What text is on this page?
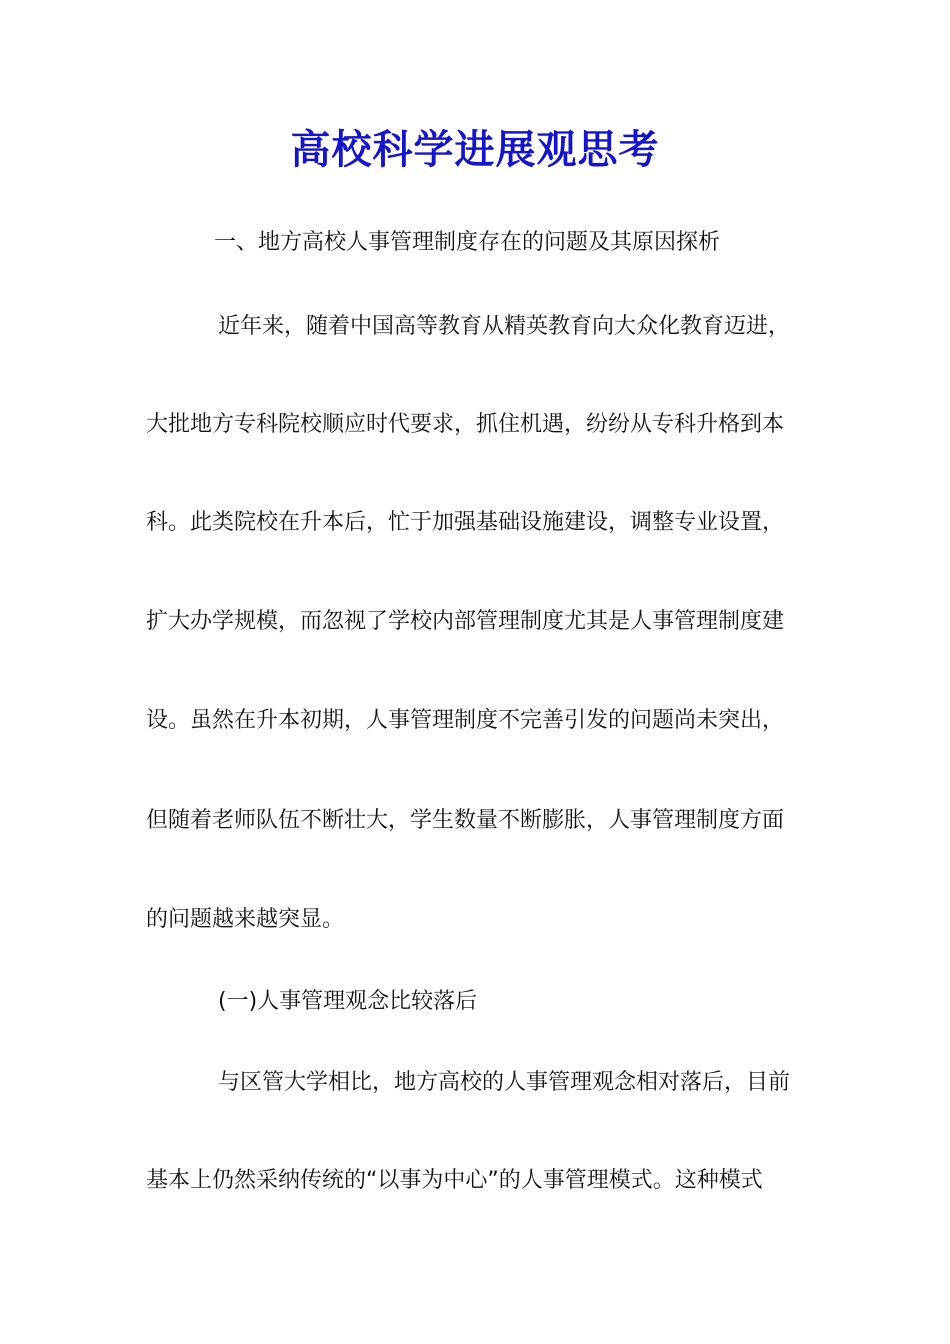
高校科学进展观思考
一、地方高校人事管理制度存在的问题及其原因探析
近年来，随着中国高等教育从精英教育向大众化教育迈进，
大批地方专科院校顺应时代要求，抓住机遇，纷纷从专科升格到本
科。此类院校在升本后，忙于加强基础设施建设，调整专业设置，
扩大办学规模，而忽视了学校内部管理制度尤其是人事管理制度建
设。虽然在升本初期，人事管理制度不完善引发的问题尚未突出，
但随着老师队伍不断壮大，学生数量不断膨胀，人事管理制度方面
的问题越来越突显。
(一)人事管理观念比较落后
与区管大学相比，地方高校的人事管理观念相对落后，目前
基本上仍然采纳传统的“以事为中心”的人事管理模式。这种模式
